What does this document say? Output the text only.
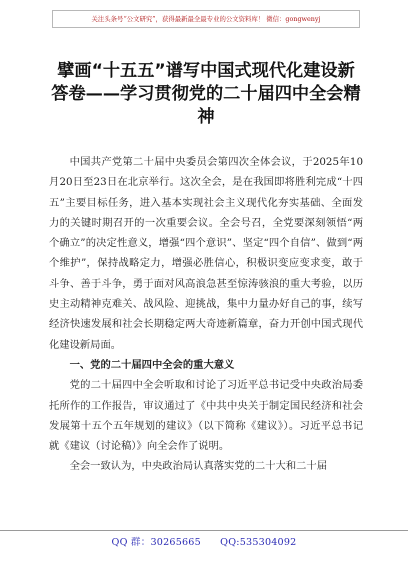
关注头条号“公文研究”，获得最新最全最专业的公文资料库！ 微信：gongwenyj
擘画“十五五”谱写中国式现代化建设新答卷——学习贯彻党的二十届四中全会精神

中国共产党第二十届中央委员会第四次全体会议，于2025年10月20日至23日在北京举行。这次全会，是在我国即将胜利完成“十四五”主要目标任务，进入基本实现社会主义现代化夯实基础、全面发力的关键时期召开的一次重要会议。全会号召，全党要深刻领悟“两个确立”的决定性意义，增强“四个意识”、坚定“四个自信”、做到“两个维护”，保持战略定力，增强必胜信心，积极识变应变求变，敢于斗争、善于斗争，勇于面对风高浪急甚至惊涛骇浪的重大考验，以历史主动精神克难关、战风险、迎挑战，集中力量办好自己的事，续写经济快速发展和社会长期稳定两大奇迹新篇章，奋力开创中国式现代化建设新局面。

一、党的二十届四中全会的重大意义

党的二十届四中全会听取和讨论了习近平总书记受中央政治局委托所作的工作报告，审议通过了《中共中央关于制定国民经济和社会发展第十五个五年规划的建议》（以下简称《建议》）。习近平总书记就《建议（讨论稿）》向全会作了说明。

全会一致认为，中央政治局认真落实党的二十大和二十届

QQ 群：30265665 QQ:535304092
